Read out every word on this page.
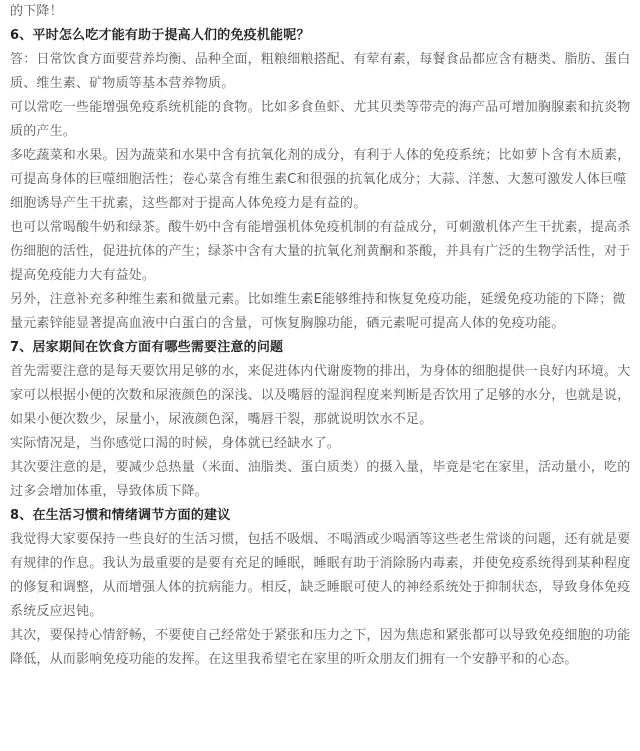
的下降！

6、平时怎么吃才能有助于提高人们的免疫机能呢？

答：日常饮食方面要营养均衡、品种全面，粗粮细粮搭配、有荤有素，每餐食品都应含有糖类、脂肪、蛋白质、维生素、矿物质等基本营养物质。

可以常吃一些能增强免疫系统机能的食物。比如多食鱼虾、尤其贝类等带壳的海产品可增加胸腺素和抗炎物质的产生。

多吃蔬菜和水果。因为蔬菜和水果中含有抗氧化剂的成分，有利于人体的免疫系统；比如萝卜含有木质素，可提高身体的巨噬细胞活性；卷心菜含有维生素C和很强的抗氧化成分；大蒜、洋葱、大葱可激发人体巨噬细胞诱导产生干扰素，这些都对于提高人体免疫力是有益的。

也可以常喝酸牛奶和绿茶。酸牛奶中含有能增强机体免疫机制的有益成分，可刺激机体产生干扰素，提高杀伤细胞的活性，促进抗体的产生；绿茶中含有大量的抗氧化剂黄酮和茶酸，并具有广泛的生物学活性，对于提高免疫能力大有益处。

另外，注意补充多种维生素和微量元素。比如维生素E能够维持和恢复免疫功能，延缓免疫功能的下降；微量元素锌能显著提高血液中白蛋白的含量，可恢复胸腺功能，硒元素呢可提高人体的免疫功能。

7、居家期间在饮食方面有哪些需要注意的问题

首先需要注意的是每天要饮用足够的水，来促进体内代谢废物的排出，为身体的细胞提供一良好内环境。大家可以根据小便的次数和尿液颜色的深浅、以及嘴唇的湿润程度来判断是否饮用了足够的水分，也就是说，如果小便次数少，尿量小，尿液颜色深，嘴唇干裂，那就说明饮水不足。

实际情况是，当你感觉口渴的时候，身体就已经缺水了。

其次要注意的是，要减少总热量（米面、油脂类、蛋白质类）的摄入量，毕竟是宅在家里，活动量小，吃的过多会增加体重，导致体质下降。

8、在生活习惯和情绪调节方面的建议

我觉得大家要保持一些良好的生活习惯，包括不吸烟、不喝酒或少喝酒等这些老生常谈的问题，还有就是要有规律的作息。我认为最重要的是要有充足的睡眠，睡眠有助于消除肠内毒素，并使免疫系统得到某种程度的修复和调整，从而增强人体的抗病能力。相反，缺乏睡眠可使人的神经系统处于抑制状态，导致身体免疫系统反应迟钝。

其次，要保持心情舒畅，不要使自己经常处于紧张和压力之下，因为焦虑和紧张都可以导致免疫细胞的功能降低，从而影响免疫功能的发挥。在这里我希望宅在家里的听众朋友们拥有一个安静平和的心态。
